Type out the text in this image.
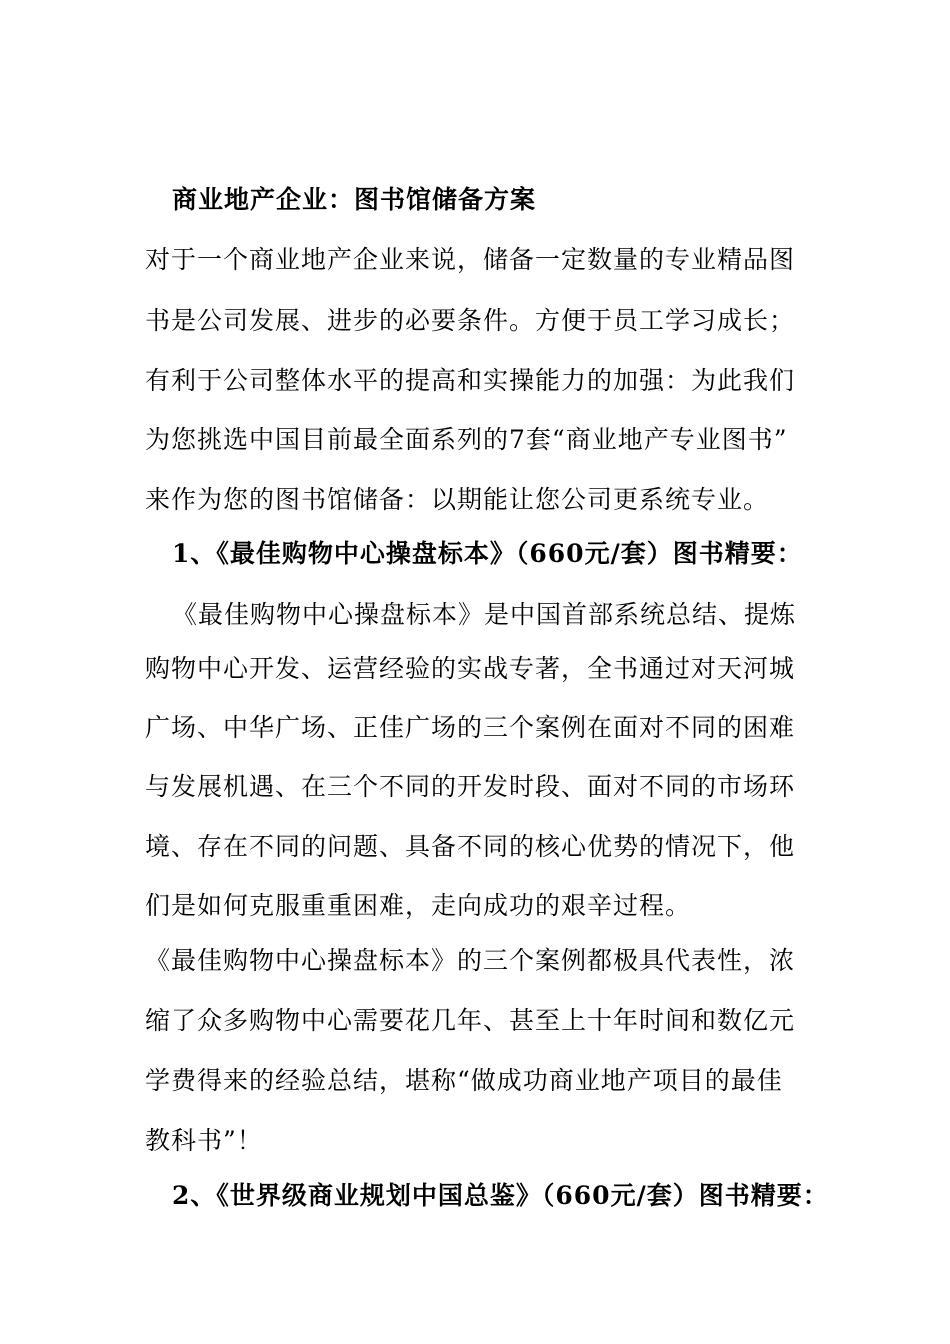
商业地产企业：图书馆储备方案
对于一个商业地产企业来说，储备一定数量的专业精品图
书是公司发展、进步的必要条件。方便于员工学习成长；
有利于公司整体水平的提高和实操能力的加强：为此我们
为您挑选中国目前最全面系列的7套“商业地产专业图书”
来作为您的图书馆储备：以期能让您公司更系统专业。
1、《最佳购物中心操盘标本》（660元/套）图书精要：
《最佳购物中心操盘标本》是中国首部系统总结、提炼
购物中心开发、运营经验的实战专著，全书通过对天河城
广场、中华广场、正佳广场的三个案例在面对不同的困难
与发展机遇、在三个不同的开发时段、面对不同的市场环
境、存在不同的问题、具备不同的核心优势的情况下，他
们是如何克服重重困难，走向成功的艰辛过程。
《最佳购物中心操盘标本》的三个案例都极具代表性，浓
缩了众多购物中心需要花几年、甚至上十年时间和数亿元
学费得来的经验总结，堪称“做成功商业地产项目的最佳
教科书”！
2、《世界级商业规划中国总鉴》（660元/套）图书精要：
